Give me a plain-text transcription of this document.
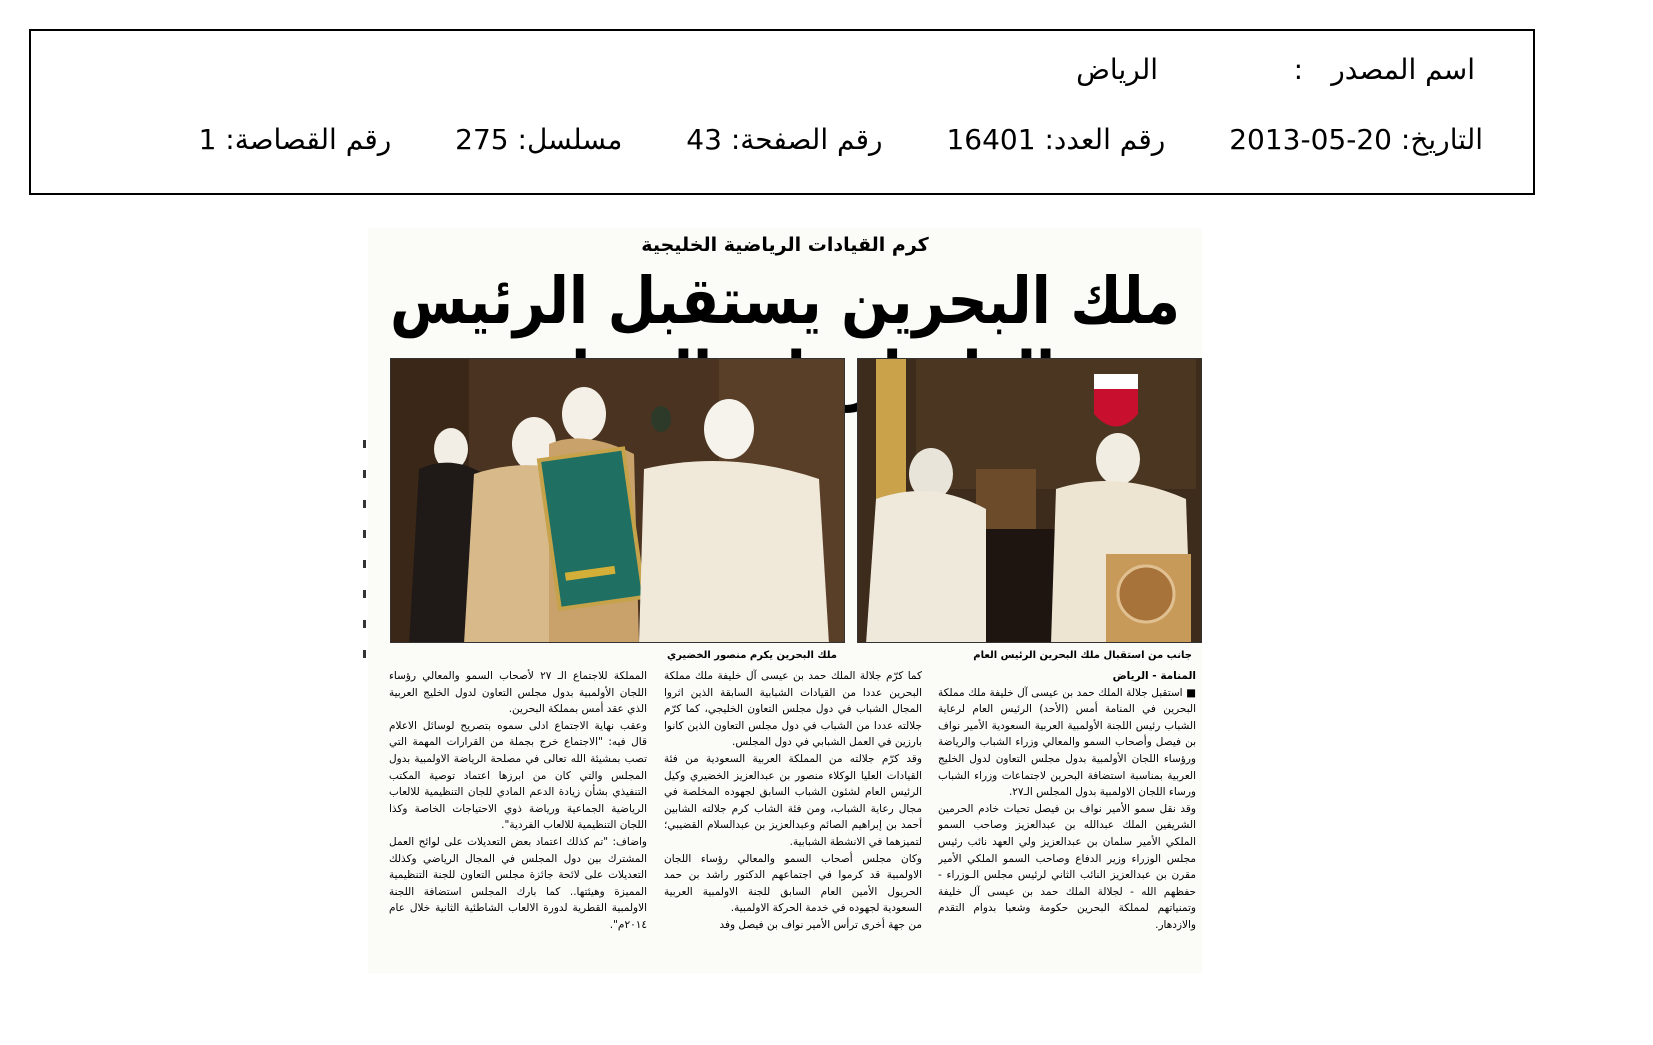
اسم المصدر
:
الرياض
التاريخ: 20-05-2013 رقم العدد: 16401 رقم الصفحة: 43 مسلسل: 275 رقم القصاصة: 1
كرم القيادات الرياضية الخليجية
ملك البحرين يستقبل الرئيس
جانب من استقبال ملك البحرين الرئيس العام
ملك البحرين يكرم منصور الخضيري

المنامة - الرياض

■ استقبل جلالة الملك حمد بن عيسى آل خليفة ملك مملكة البحرين في المنامة أمس (الأحد) الرئيس العام لرعاية الشباب رئيس اللجنة الأولمبية العربية السعودية الأمير نواف بن فيصل وأصحاب السمو والمعالي وزراء الشباب والرياضة ورؤساء اللجان الأولمبية بدول مجلس التعاون لدول الخليج العربية بمناسبة استضافة البحرين لاجتماعات وزراء الشباب ورساء اللجان الاولمبية بدول المجلس الـ٢٧.

وقد نقل سمو الأمير نواف بن فيصل تحيات خادم الحرمين الشريفين الملك عبدالله بن عبدالعزيز وصاحب السمو الملكي الأمير سلمان بن عبدالعزيز ولي العهد نائب رئيس مجلس الوزراء وزير الدفاع وصاحب السمو الملكي الأمير مقرن بن عبدالعزيز النائب الثاني لرئيس مجلس الـوزراء - حفظهم الله - لجلالة الملك حمد بن عيسى آل خليفة وتمنياتهم لمملكة البحرين حكومة وشعبا بدوام التقدم والازدهار.

كما كرّم جلالة الملك حمد بن عيسى آل خليفة ملك مملكة البحرين عددا من القيادات الشبابية السابقة الذين اثروا المجال الشباب في دول مجلس التعاون الخليجي، كما كرّم جلالته عددا من الشباب في دول مجلس التعاون الذين كانوا بارزين في العمل الشبابي في دول المجلس.

وقد كرّم جلالته من المملكة العربية السعودية من فئة القيادات العليا الوكلاء منصور بن عبدالعزيز الخضيري وكيل الرئيس العام لشئون الشباب السابق لجهوده المخلصة في مجال رعاية الشباب، ومن فئة الشاب كرم جلالته الشابين أحمد بن إبراهيم الصائم وعبدالعزيز بن عبدالسلام القضيبي؛ لتميزهما في الانشطة الشبابية.

وكان مجلس أصحاب السمو والمعالي رؤساء اللجان الاولمبية قد كرموا في اجتماعهم الدكتور راشد بن حمد الحريول الأمين العام السابق للجنة الاولمبية العربية السعودية لجهوده في خدمة الحركة الاولمبية.

من جهة أخرى ترأس الأمير نواف بن فيصل وفد

المملكة للاجتماع الـ ٢٧ لأصحاب السمو والمعالي رؤساء اللجان الأولمبية بدول مجلس التعاون لدول الخليج العربية الذي عقد أمس بمملكة البحرين.

وعقب نهاية الاجتماع ادلى سموه بتصريح لوسائل الاعلام قال فيه: "الاجتماع خرج بجملة من القرارات المهمة التي تصب بمشيئة الله تعالى في مصلحة الرياضة الاولمبية بدول المجلس والتي كان من ابرزها اعتماد توصية المكتب التنفيذي بشأن زيادة الدعم المادي للجان التنظيمية للالعاب الرياضية الجماعية ورياضة ذوي الاحتياجات الخاصة وكذا اللجان التنظيمية للالعاب الفردية".

واضاف: "تم كذلك اعتماد بعض التعديلات على لوائح العمل المشترك بين دول المجلس في المجال الرياضي وكذلك التعديلات على لائحة جائزة مجلس التعاون للجنة التنظيمية المميزة وهيئتها.. كما بارك المجلس استضافة اللجنة الاولمبية القطرية لدورة الالعاب الشاطئية الثانية خلال عام ٢٠١٤م".
